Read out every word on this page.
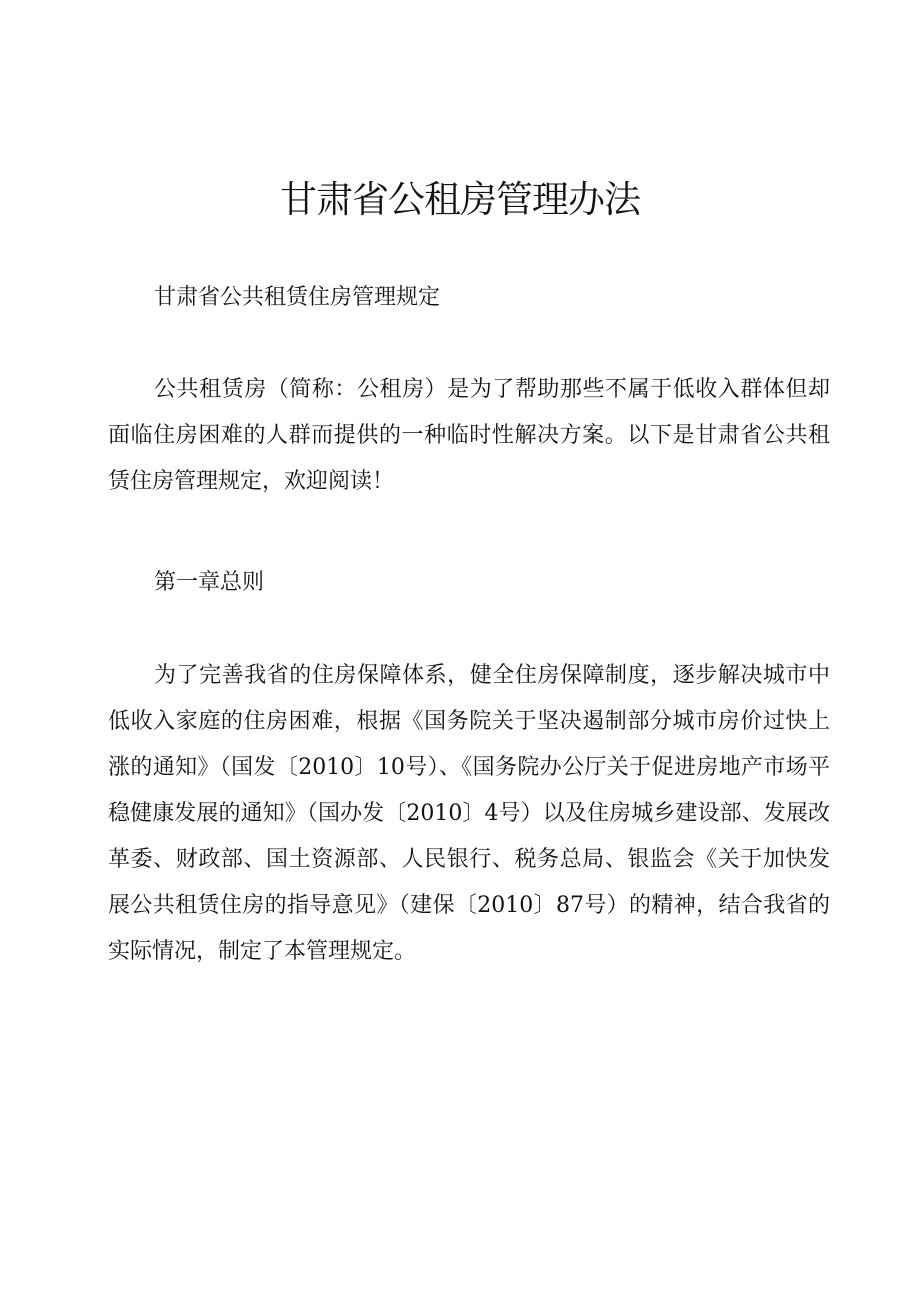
甘肃省公租房管理办法

甘肃省公共租赁住房管理规定

公共租赁房（简称：公租房）是为了帮助那些不属于低收入群体但却面临住房困难的人群而提供的一种临时性解决方案。以下是甘肃省公共租赁住房管理规定，欢迎阅读！

第一章总则

为了完善我省的住房保障体系，健全住房保障制度，逐步解决城市中低收入家庭的住房困难，根据《国务院关于坚决遏制部分城市房价过快上涨的通知》（国发〔2010〕10号）、《国务院办公厅关于促进房地产市场平稳健康发展的通知》（国办发〔2010〕4号）以及住房城乡建设部、发展改革委、财政部、国土资源部、人民银行、税务总局、银监会《关于加快发展公共租赁住房的指导意见》（建保〔2010〕87号）的精神，结合我省的实际情况，制定了本管理规定。
